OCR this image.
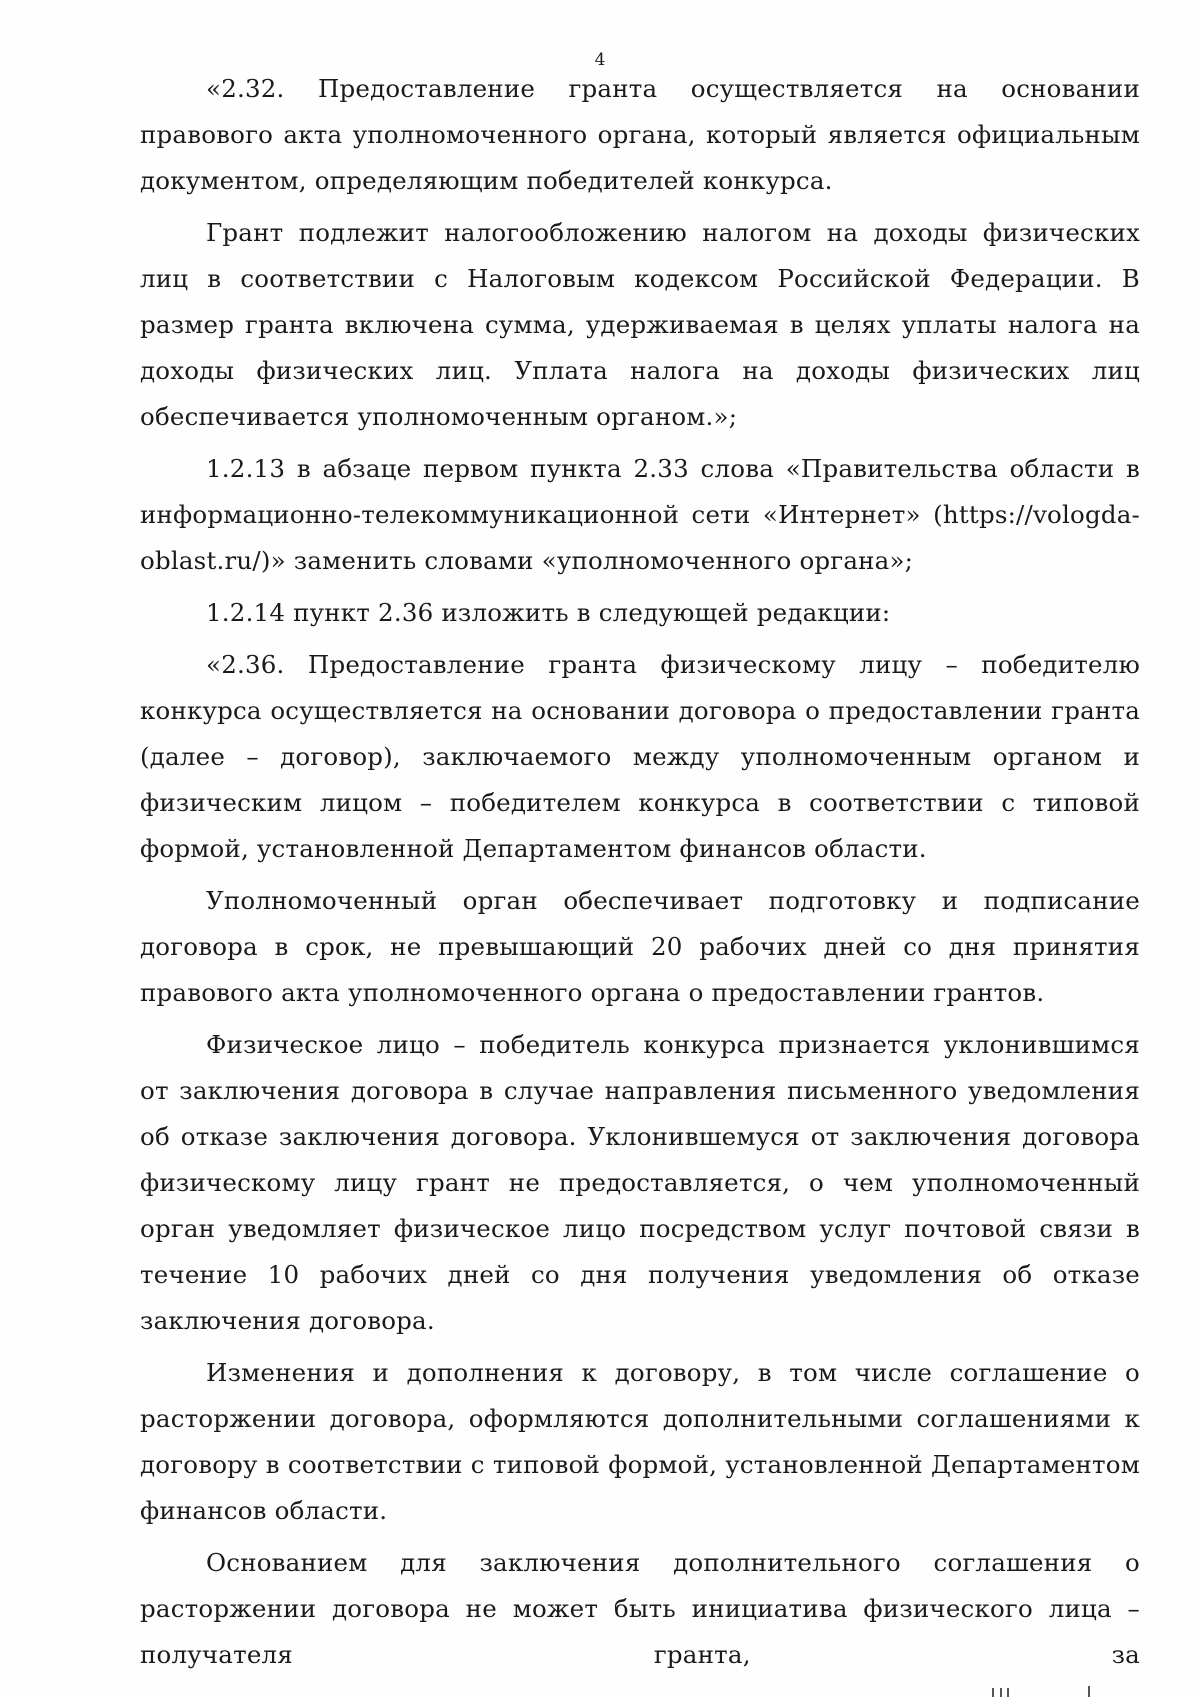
4

«2.32. Предоставление гранта осуществляется на основании правового акта уполномоченного органа, который является официальным документом, определяющим победителей конкурса.

Грант подлежит налогообложению налогом на доходы физических лиц в соответствии с Налоговым кодексом Российской Федерации. В размер гранта включена сумма, удерживаемая в целях уплаты налога на доходы физических лиц. Уплата налога на доходы физических лиц обеспечивается уполномоченным органом.»;

1.2.13 в абзаце первом пункта 2.33 слова «Правительства области в информационно-телекоммуникационной сети «Интернет» (https://vologda-oblast.ru/)» заменить словами «уполномоченного органа»;

1.2.14 пункт 2.36 изложить в следующей редакции:

«2.36. Предоставление гранта физическому лицу – победителю конкурса осуществляется на основании договора о предоставлении гранта (далее – договор), заключаемого между уполномоченным органом и физическим лицом – победителем конкурса в соответствии с типовой формой, установленной Департаментом финансов области.

Уполномоченный орган обеспечивает подготовку и подписание договора в срок, не превышающий 20 рабочих дней со дня принятия правового акта уполномоченного органа о предоставлении грантов.

Физическое лицо – победитель конкурса признается уклонившимся от заключения договора в случае направления письменного уведомления об отказе заключения договора. Уклонившемуся от заключения договора физическому лицу грант не предоставляется, о чем уполномоченный орган уведомляет физическое лицо посредством услуг почтовой связи в течение 10 рабочих дней со дня получения уведомления об отказе заключения договора.

Изменения и дополнения к договору, в том числе соглашение о расторжении договора, оформляются дополнительными соглашениями к договору в соответствии с типовой формой, установленной Департаментом финансов области.

Основанием для заключения дополнительного соглашения о расторжении договора не может быть инициатива физического лица – получателя гранта, за
